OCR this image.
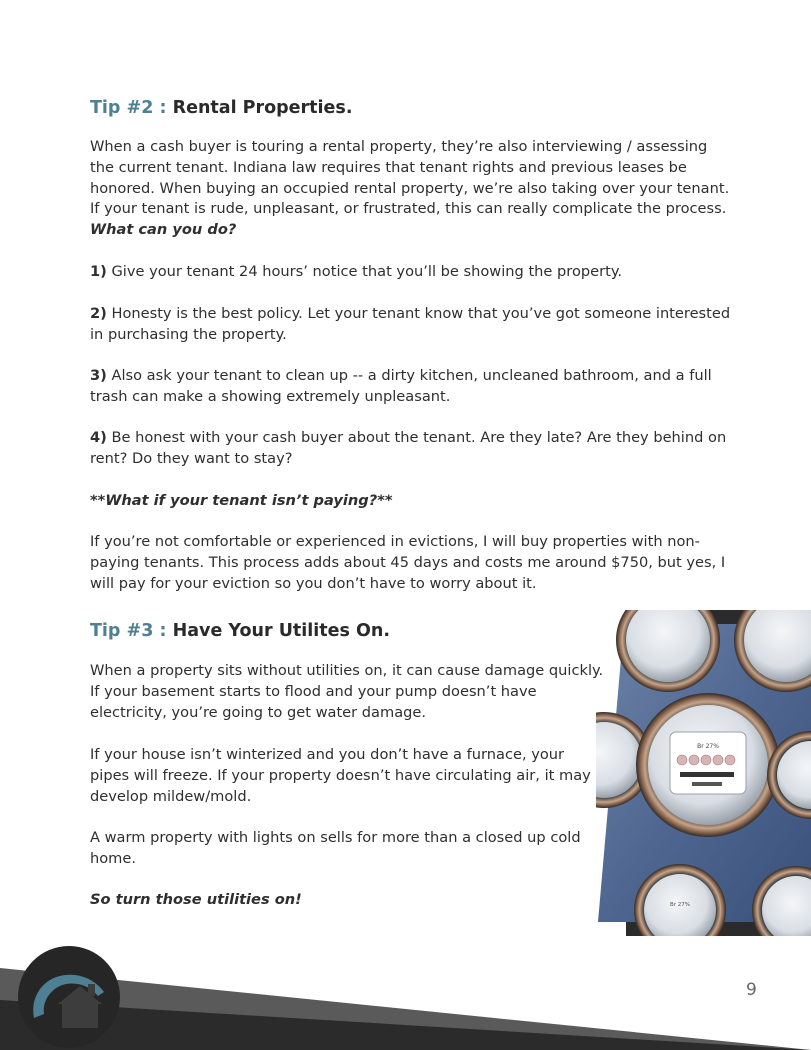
Tip #2 : Rental Properties.

When a cash buyer is touring a rental property, they’re also interviewing / assessing the current tenant. Indiana law requires that tenant rights and previous leases be honored. When buying an occupied rental property, we’re also taking over your tenant. If your tenant is rude, unpleasant, or frustrated, this can really complicate the process. What can you do?

1) Give your tenant 24 hours’ notice that you’ll be showing the property.

2) Honesty is the best policy. Let your tenant know that you’ve got someone interested in purchasing the property.

3) Also ask your tenant to clean up -- a dirty kitchen, uncleaned bathroom, and a full trash can make a showing extremely unpleasant.

4) Be honest with your cash buyer about the tenant. Are they late? Are they behind on rent? Do they want to stay?

**What if your tenant isn’t paying?**

If you’re not comfortable or experienced in evictions, I will buy properties with non-paying tenants. This process adds about 45 days and costs me around $750, but yes, I will pay for your eviction so you don’t have to worry about it.

Tip #3 : Have Your Utilites On.

When a property sits without utilities on, it can cause damage quickly. If your basement starts to flood and your pump doesn’t have electricity, you’re going to get water damage.

If your house isn’t winterized and you don’t have a furnace, your pipes will freeze. If your property doesn’t have circulating air, it may develop mildew/mold.

A warm property with lights on sells for more than a closed up cold home.

So turn those utilities on!

Br 27%
Br 27%
9
